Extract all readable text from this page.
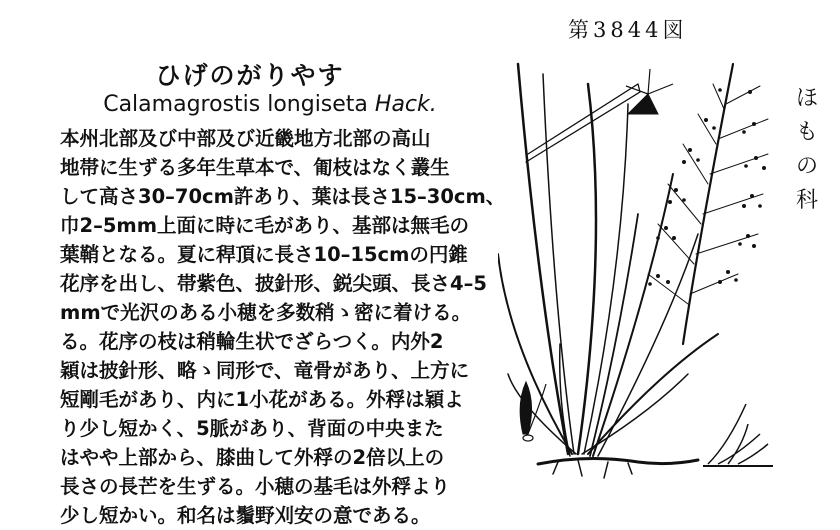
第3844図
ひげのがりやす
Calamagrostis longiseta Hack.
本州北部及び中部及び近畿地方北部の高山
地帯に生ずる多年生草本で、匍枝はなく叢生
して高さ30–70cm許あり、葉は長さ15–30cm、
巾2–5mm上面に時に毛があり、基部は無毛の
葉鞘となる。夏に稈頂に長さ10–15cmの円錐
花序を出し、帯紫色、披針形、鋭尖頭、長さ4–5
mmで光沢のある小穂を多数稍ゝ密に着ける。
る。花序の枝は稍輪生状でざらつく。内外2
穎は披針形、略ゝ同形で、竜骨があり、上方に
短剛毛があり、内に1小花がある。外稃は穎よ
り少し短かく、5脈があり、背面の中央また
はやや上部から、膝曲して外稃の2倍以上の
長さの長芒を生ずる。小穂の基毛は外稃より
少し短かい。和名は鬚野刈安の意である。
ほ
も
の
科
